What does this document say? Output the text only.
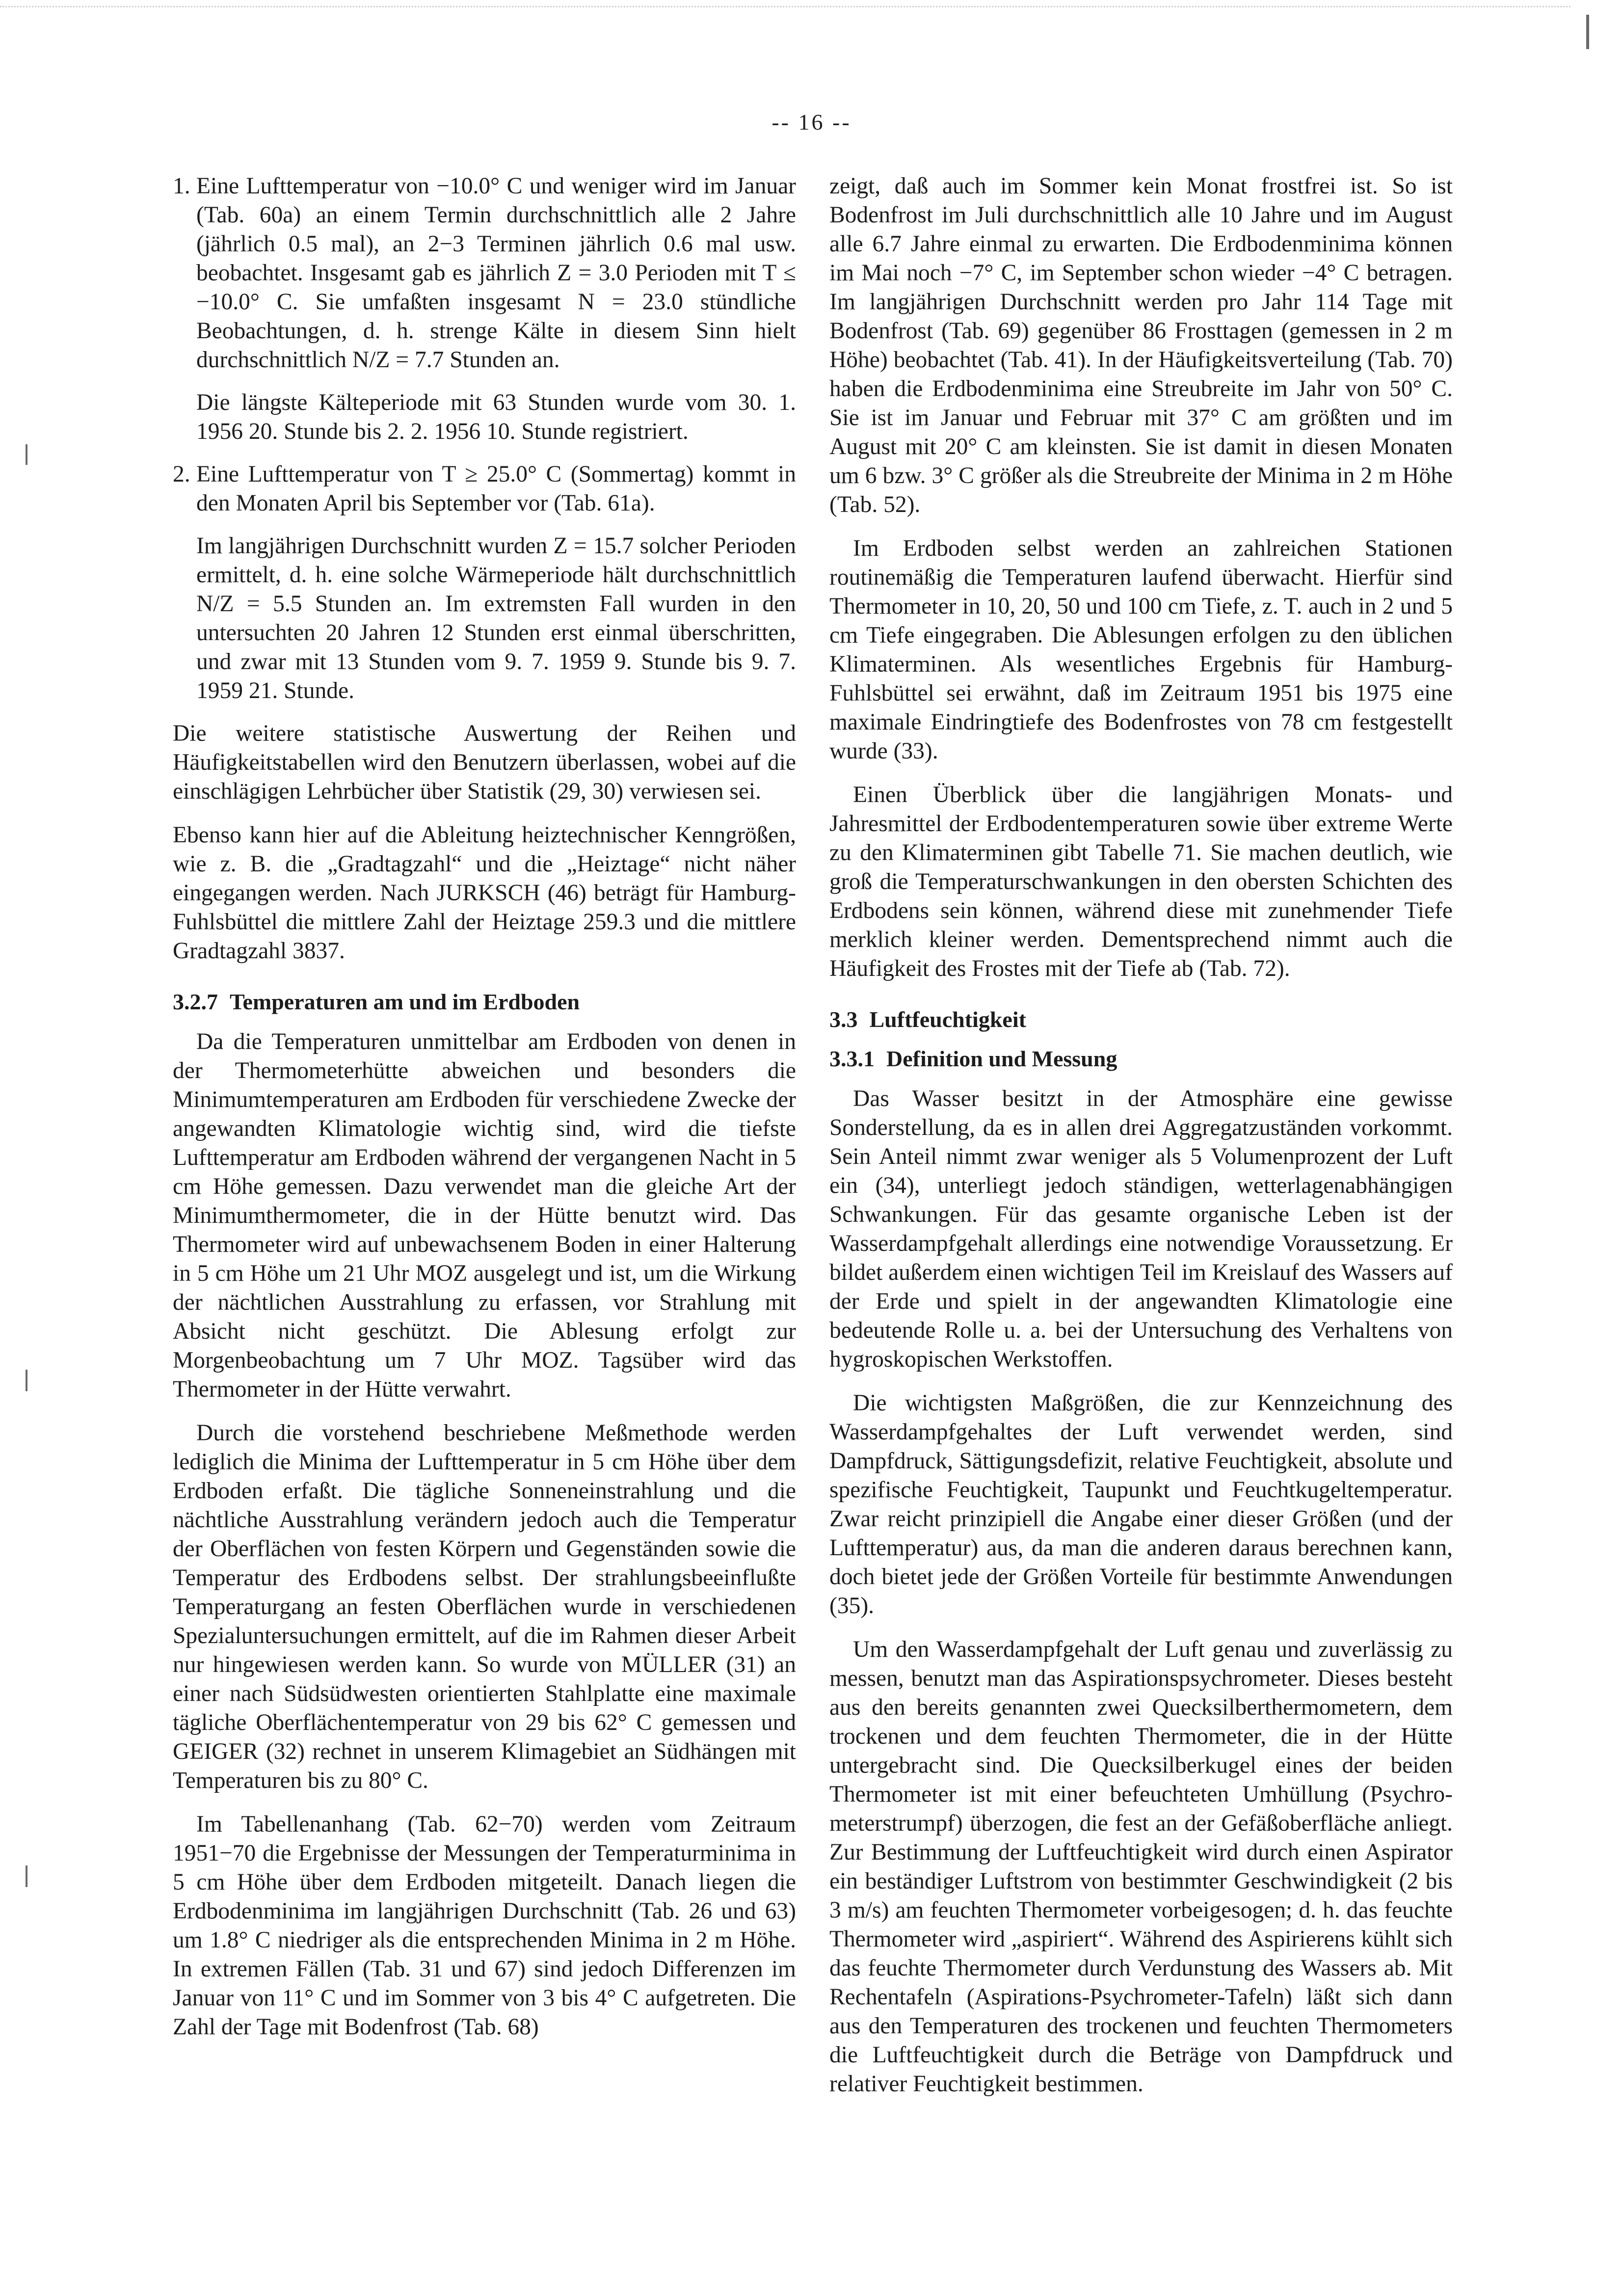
-- 16 --
1. Eine Lufttemperatur von −10.0° C und weniger wird im Januar (Tab. 60a) an einem Termin durchschnittlich alle 2 Jahre (jährlich 0.5 mal), an 2−3 Terminen jährlich 0.6 mal usw. beobachtet. Insgesamt gab es jährlich Z = 3.0 Perioden mit T ≤ −10.0° C. Sie umfaßten insgesamt N = 23.0 stündliche Beobachtungen, d. h. strenge Kälte in diesem Sinn hielt durchschnittlich N/Z = 7.7 Stunden an.

Die längste Kälteperiode mit 63 Stunden wurde vom 30. 1. 1956 20. Stunde bis 2. 2. 1956 10. Stunde registriert.

2. Eine Lufttemperatur von T ≥ 25.0° C (Sommertag) kommt in den Monaten April bis September vor (Tab. 61a).

Im langjährigen Durchschnitt wurden Z = 15.7 solcher Perioden ermittelt, d. h. eine solche Wärmeperiode hält durchschnittlich N/Z = 5.5 Stunden an. Im extremsten Fall wurden in den untersuchten 20 Jahren 12 Stunden erst einmal überschritten, und zwar mit 13 Stunden vom 9. 7. 1959 9. Stunde bis 9. 7. 1959 21. Stunde.

Die weitere statistische Auswertung der Reihen und Häufigkeitstabellen wird den Benutzern überlassen, wobei auf die einschlägigen Lehrbücher über Statistik (29, 30) verwiesen sei.

Ebenso kann hier auf die Ableitung heiztechnischer Kenngrößen, wie z. B. die „Gradtagzahl“ und die „Heiztage“ nicht näher eingegangen werden. Nach JURKSCH (46) beträgt für Hamburg-Fuhlsbüttel die mittlere Zahl der Heiztage 259.3 und die mittlere Gradtagzahl 3837.

3.2.7 Temperaturen am und im Erdboden

Da die Temperaturen unmittelbar am Erdboden von denen in der Thermometerhütte abweichen und besonders die Minimumtemperaturen am Erdboden für verschiedene Zwecke der angewandten Klimatologie wichtig sind, wird die tiefste Lufttemperatur am Erdboden während der vergangenen Nacht in 5 cm Höhe gemessen. Dazu verwendet man die gleiche Art der Minimumthermometer, die in der Hütte benutzt wird. Das Thermometer wird auf unbewachsenem Boden in einer Halterung in 5 cm Höhe um 21 Uhr MOZ ausgelegt und ist, um die Wirkung der nächtlichen Ausstrahlung zu erfassen, vor Strahlung mit Absicht nicht geschützt. Die Ablesung erfolgt zur Morgenbeobachtung um 7 Uhr MOZ. Tagsüber wird das Thermometer in der Hütte verwahrt.

Durch die vorstehend beschriebene Meßmethode werden lediglich die Minima der Lufttemperatur in 5 cm Höhe über dem Erdboden erfaßt. Die tägliche Sonneneinstrahlung und die nächtliche Ausstrahlung verändern jedoch auch die Temperatur der Oberflächen von festen Körpern und Gegenständen sowie die Temperatur des Erdbodens selbst. Der strahlungsbeeinflußte Temperaturgang an festen Oberflächen wurde in verschiedenen Spezialuntersuchungen ermittelt, auf die im Rahmen dieser Arbeit nur hingewiesen werden kann. So wurde von MÜLLER (31) an einer nach Südsüdwesten orientierten Stahlplatte eine maximale tägliche Oberflächentemperatur von 29 bis 62° C gemessen und GEIGER (32) rechnet in unserem Klimagebiet an Südhängen mit Temperaturen bis zu 80° C.

Im Tabellenanhang (Tab. 62−70) werden vom Zeitraum 1951−70 die Ergebnisse der Messungen der Temperaturminima in 5 cm Höhe über dem Erdboden mitgeteilt. Danach liegen die Erdbodenminima im langjährigen Durchschnitt (Tab. 26 und 63) um 1.8° C niedriger als die entsprechenden Minima in 2 m Höhe. In extremen Fällen (Tab. 31 und 67) sind jedoch Differenzen im Januar von 11° C und im Sommer von 3 bis 4° C aufgetreten. Die Zahl der Tage mit Bodenfrost (Tab. 68)

zeigt, daß auch im Sommer kein Monat frostfrei ist. So ist Bodenfrost im Juli durchschnittlich alle 10 Jahre und im August alle 6.7 Jahre einmal zu erwarten. Die Erdbodenminima können im Mai noch −7° C, im September schon wieder −4° C betragen. Im langjährigen Durchschnitt werden pro Jahr 114 Tage mit Bodenfrost (Tab. 69) gegenüber 86 Frosttagen (gemessen in 2 m Höhe) beobachtet (Tab. 41). In der Häufigkeitsverteilung (Tab. 70) haben die Erdbodenminima eine Streubreite im Jahr von 50° C. Sie ist im Januar und Februar mit 37° C am größten und im August mit 20° C am kleinsten. Sie ist damit in diesen Monaten um 6 bzw. 3° C größer als die Streubreite der Minima in 2 m Höhe (Tab. 52).

Im Erdboden selbst werden an zahlreichen Stationen routinemäßig die Temperaturen laufend überwacht. Hierfür sind Thermometer in 10, 20, 50 und 100 cm Tiefe, z. T. auch in 2 und 5 cm Tiefe eingegraben. Die Ablesungen erfolgen zu den üblichen Klimaterminen. Als wesentliches Ergebnis für Hamburg-Fuhlsbüttel sei erwähnt, daß im Zeitraum 1951 bis 1975 eine maximale Eindringtiefe des Bodenfrostes von 78 cm festgestellt wurde (33).

Einen Überblick über die langjährigen Monats- und Jahresmittel der Erdbodentemperaturen sowie über extreme Werte zu den Klimaterminen gibt Tabelle 71. Sie machen deutlich, wie groß die Temperaturschwankungen in den obersten Schichten des Erdbodens sein können, während diese mit zunehmender Tiefe merklich kleiner werden. Dementsprechend nimmt auch die Häufigkeit des Frostes mit der Tiefe ab (Tab. 72).

3.3 Luftfeuchtigkeit
3.3.1 Definition und Messung

Das Wasser besitzt in der Atmosphäre eine gewisse Sonderstellung, da es in allen drei Aggregatzuständen vorkommt. Sein Anteil nimmt zwar weniger als 5 Volumenprozent der Luft ein (34), unterliegt jedoch ständigen, wetterlagenabhängigen Schwankungen. Für das gesamte organische Leben ist der Wasserdampfgehalt allerdings eine notwendige Voraussetzung. Er bildet außerdem einen wichtigen Teil im Kreislauf des Wassers auf der Erde und spielt in der angewandten Klimatologie eine bedeutende Rolle u. a. bei der Untersuchung des Verhaltens von hygroskopischen Werkstoffen.

Die wichtigsten Maßgrößen, die zur Kennzeichnung des Wasserdampfgehaltes der Luft verwendet werden, sind Dampfdruck, Sättigungsdefizit, relative Feuchtigkeit, absolute und spezifische Feuchtigkeit, Taupunkt und Feuchtkugeltemperatur. Zwar reicht prinzipiell die Angabe einer dieser Größen (und der Lufttemperatur) aus, da man die anderen daraus berechnen kann, doch bietet jede der Größen Vorteile für bestimmte Anwendungen (35).

Um den Wasserdampfgehalt der Luft genau und zuverlässig zu messen, benutzt man das Aspirationspsychrometer. Dieses besteht aus den bereits genannten zwei Quecksilberthermometern, dem trockenen und dem feuchten Thermometer, die in der Hütte untergebracht sind. Die Quecksilberkugel eines der beiden Thermometer ist mit einer befeuchteten Umhüllung (Psychrometerstrumpf) überzogen, die fest an der Gefäßoberfläche anliegt. Zur Bestimmung der Luftfeuchtigkeit wird durch einen Aspirator ein beständiger Luftstrom von bestimmter Geschwindigkeit (2 bis 3 m/s) am feuchten Thermometer vorbeigesogen; d. h. das feuchte Thermometer wird „aspiriert“. Während des Aspirierens kühlt sich das feuchte Thermometer durch Verdunstung des Wassers ab. Mit Rechentafeln (Aspirations-Psychrometer-Tafeln) läßt sich dann aus den Temperaturen des trockenen und feuchten Thermometers die Luftfeuchtigkeit durch die Beträge von Dampfdruck und relativer Feuchtigkeit bestimmen.
